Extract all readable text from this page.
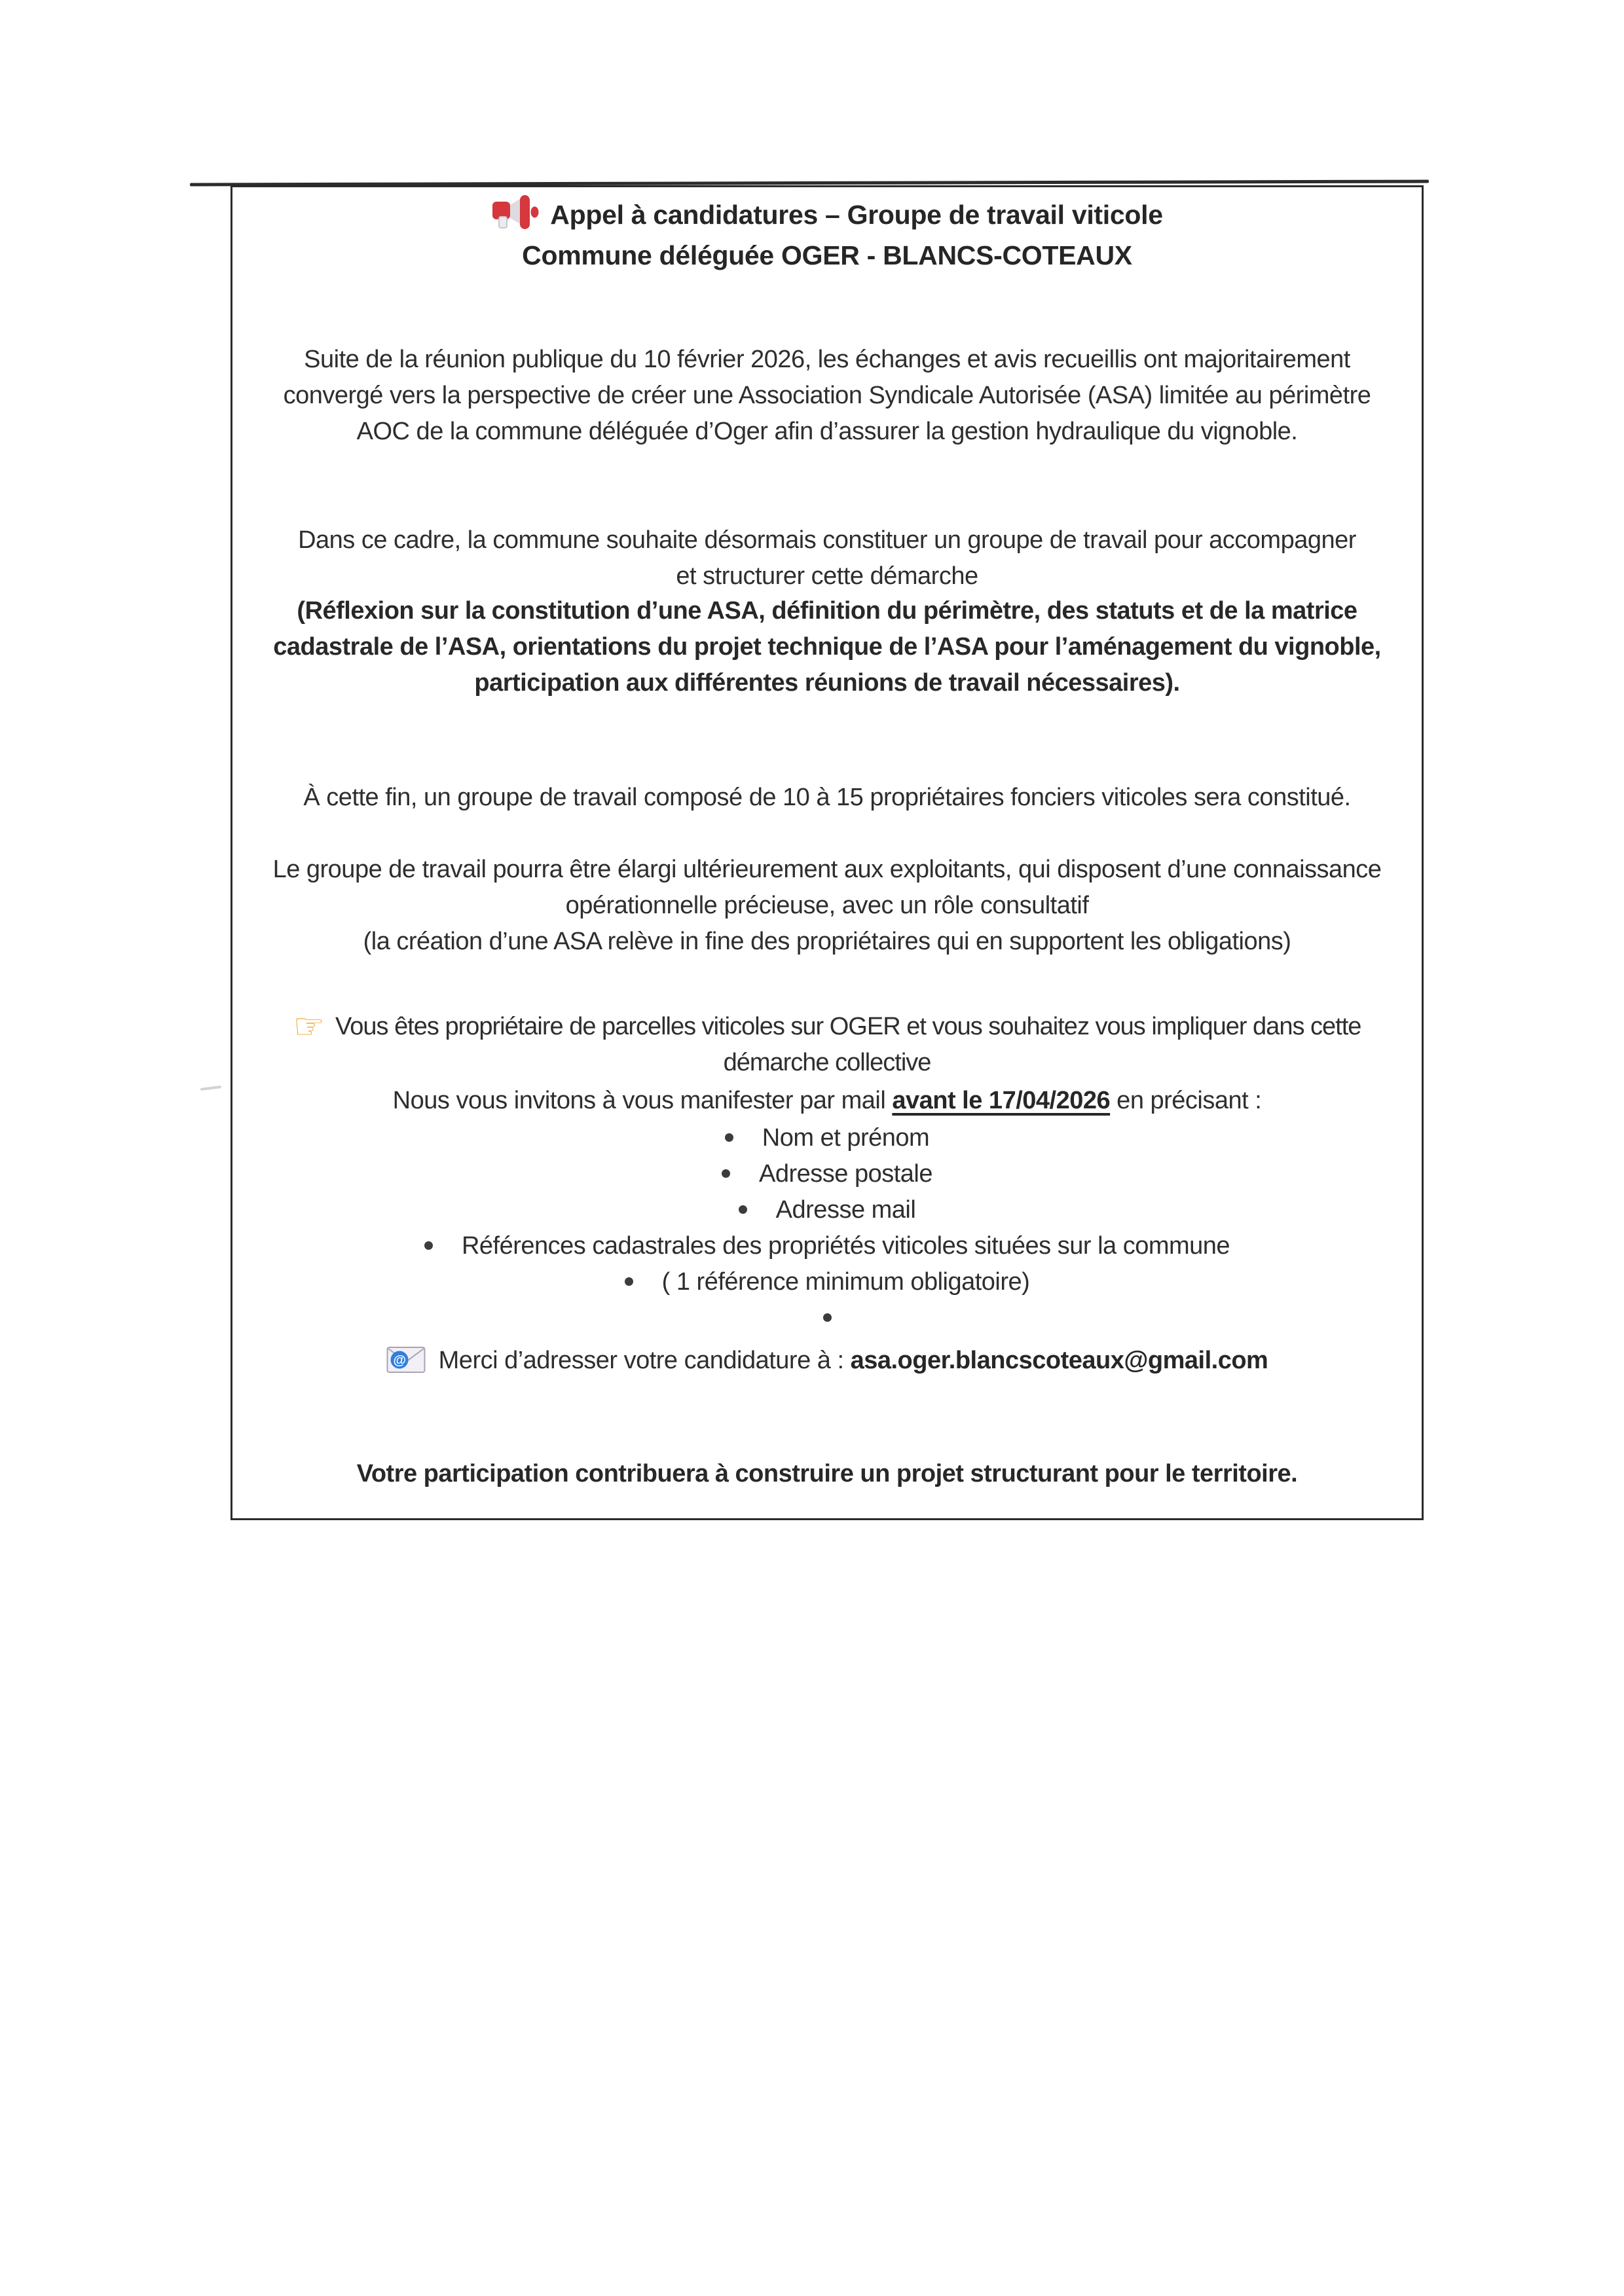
Appel à candidatures – Groupe de travail viticole
Commune déléguée OGER - BLANCS-COTEAUX

Suite de la réunion publique du 10 février 2026, les échanges et avis recueillis ont majoritairement convergé vers la perspective de créer une Association Syndicale Autorisée (ASA) limitée au périmètre AOC de la commune déléguée d’Oger afin d’assurer la gestion hydraulique du vignoble.

Dans ce cadre, la commune souhaite désormais constituer un groupe de travail pour accompagner et structurer cette démarche

(Réflexion sur la constitution d’une ASA, définition du périmètre, des statuts et de la matrice cadastrale de l’ASA, orientations du projet technique de l’ASA pour l’aménagement du vignoble, participation aux différentes réunions de travail nécessaires).

À cette fin, un groupe de travail composé de 10 à 15 propriétaires fonciers viticoles sera constitué.

Le groupe de travail pourra être élargi ultérieurement aux exploitants, qui disposent d’une connaissance opérationnelle précieuse, avec un rôle consultatif

(la création d’une ASA relève in fine des propriétaires qui en supportent les obligations)

☞ Vous êtes propriétaire de parcelles viticoles sur OGER et vous souhaitez vous impliquer dans cette démarche collective

Nous vous invitons à vous manifester par mail avant le 17/04/2026 en précisant :

Nom et prénom
Adresse postale
Adresse mail
Références cadastrales des propriétés viticoles situées sur la commune
( 1 référence minimum obligatoire)

@ Merci d’adresser votre candidature à : asa.oger.blancscoteaux@gmail.com

Votre participation contribuera à construire un projet structurant pour le territoire.
